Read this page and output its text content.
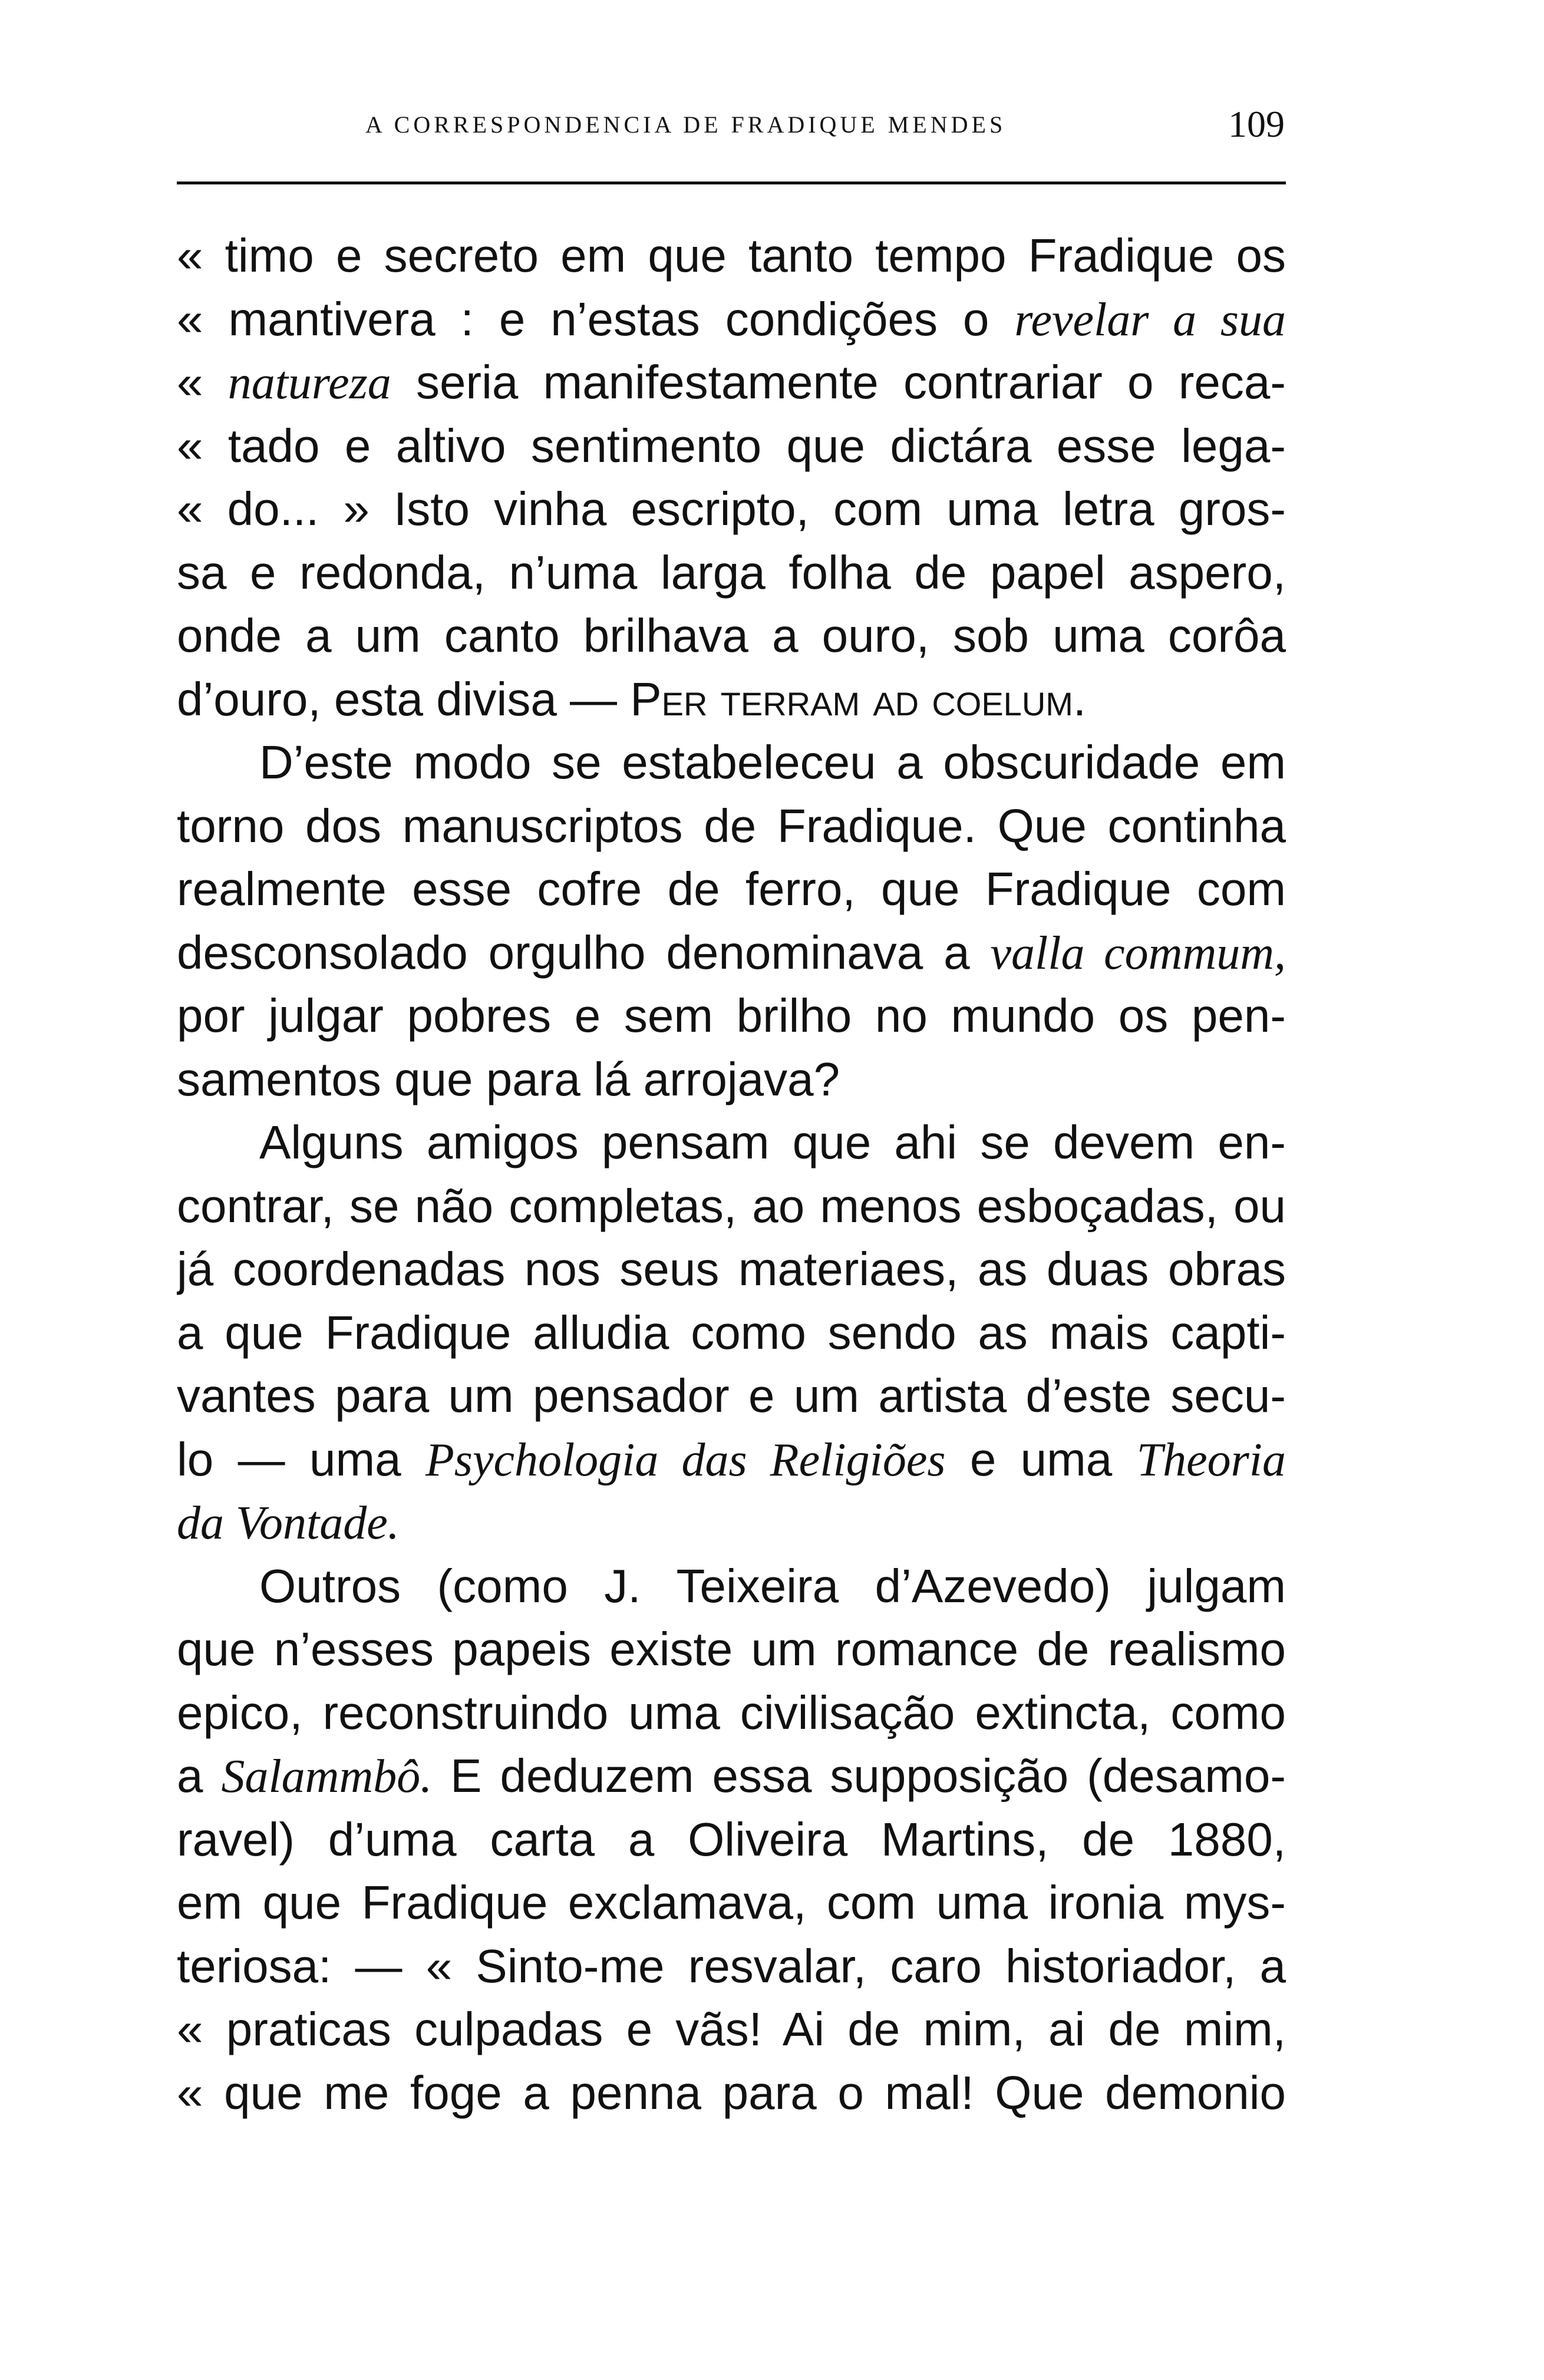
A CORRESPONDENCIA DE FRADIQUE MENDES	109
« timo e secreto em que tanto tempo Fradique os
« mantivera : e n’estas condições o revelar a sua
« natureza seria manifestamente contrariar o reca-
« tado e altivo sentimento que dictára esse lega-
« do... » Isto vinha escripto, com uma letra gros-
sa e redonda, n’uma larga folha de papel aspero,
onde a um canto brilhava a ouro, sob uma corôa
d’ouro, esta divisa — Per terram ad coelum.
D’este modo se estabeleceu a obscuridade em
torno dos manuscriptos de Fradique. Que continha
realmente esse cofre de ferro, que Fradique com
desconsolado orgulho denominava a valla commum,
por julgar pobres e sem brilho no mundo os pen-
samentos que para lá arrojava?
Alguns amigos pensam que ahi se devem en-
contrar, se não completas, ao menos esboçadas, ou
já coordenadas nos seus materiaes, as duas obras
a que Fradique alludia como sendo as mais capti-
vantes para um pensador e um artista d’este secu-
lo — uma Psychologia das Religiões e uma Theoria
da Vontade.
Outros (como J. Teixeira d’Azevedo) julgam
que n’esses papeis existe um romance de realismo
epico, reconstruindo uma civilisação extincta, como
a Salammbô. E deduzem essa supposição (desamo-
ravel) d’uma carta a Oliveira Martins, de 1880,
em que Fradique exclamava, com uma ironia mys-
teriosa: — « Sinto-me resvalar, caro historiador, a
« praticas culpadas e vãs! Ai de mim, ai de mim,
« que me foge a penna para o mal! Que demonio
